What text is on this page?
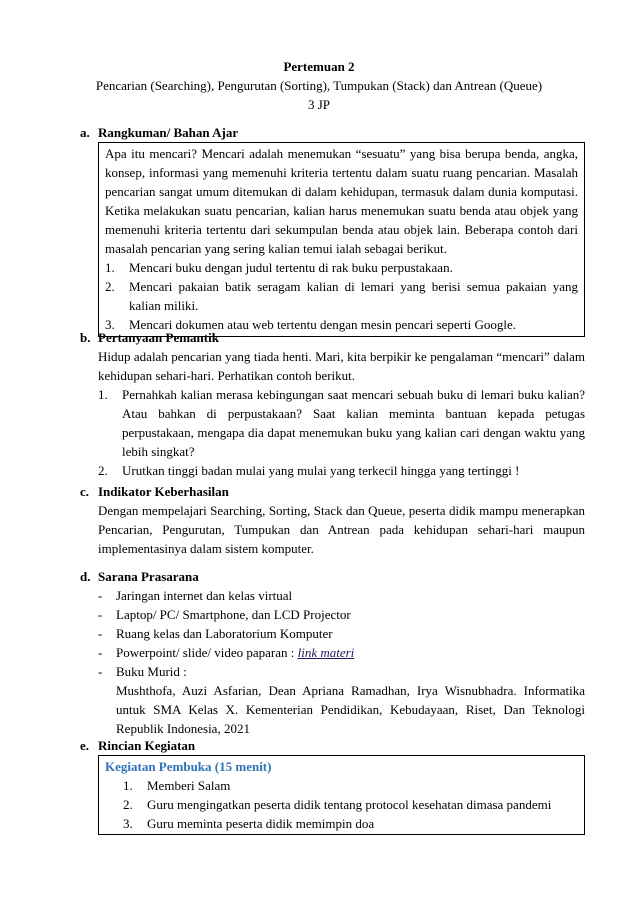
Pertemuan 2
Pencarian (Searching), Pengurutan (Sorting), Tumpukan (Stack) dan Antrean (Queue)
3 JP
a. Rangkuman/ Bahan Ajar
Apa itu mencari? Mencari adalah menemukan “sesuatu” yang bisa berupa benda, angka, konsep, informasi yang memenuhi kriteria tertentu dalam suatu ruang pencarian. Masalah pencarian sangat umum ditemukan di dalam kehidupan, termasuk dalam dunia komputasi. Ketika melakukan suatu pencarian, kalian harus menemukan suatu benda atau objek yang memenuhi kriteria tertentu dari sekumpulan benda atau objek lain. Beberapa contoh dari masalah pencarian yang sering kalian temui ialah sebagai berikut.
1.	Mencari buku dengan judul tertentu di rak buku perpustakaan.
2.	Mencari pakaian batik seragam kalian di lemari yang berisi semua pakaian yang kalian miliki.
3.	Mencari dokumen atau web tertentu dengan mesin pencari seperti Google.
b. Pertanyaan Pemantik
Hidup adalah pencarian yang tiada henti. Mari, kita berpikir ke pengalaman “mencari” dalam kehidupan sehari-hari. Perhatikan contoh berikut.
1.	Pernahkah kalian merasa kebingungan saat mencari sebuah buku di lemari buku kalian? Atau bahkan di perpustakaan? Saat kalian meminta bantuan kepada petugas perpustakaan, mengapa dia dapat menemukan buku yang kalian cari dengan waktu yang lebih singkat?
2.	Urutkan tinggi badan mulai yang mulai yang terkecil hingga yang tertinggi !
c. Indikator Keberhasilan
Dengan mempelajari Searching, Sorting, Stack dan Queue, peserta didik mampu menerapkan Pencarian, Pengurutan, Tumpukan dan Antrean pada kehidupan sehari-hari maupun implementasinya dalam sistem komputer.
d. Sarana Prasarana
-	Jaringan internet dan kelas virtual
-	Laptop/ PC/ Smartphone, dan LCD Projector
-	Ruang kelas dan Laboratorium Komputer
-	Powerpoint/ slide/ video paparan : link materi
-	Buku Murid :
Mushthofa, Auzi Asfarian, Dean Apriana Ramadhan, Irya Wisnubhadra. Informatika untuk SMA Kelas X. Kementerian Pendidikan, Kebudayaan, Riset, Dan Teknologi Republik Indonesia, 2021
e. Rincian Kegiatan
Kegiatan Pembuka (15 menit)
1.	Memberi Salam
2.	Guru mengingatkan peserta didik tentang protocol kesehatan dimasa pandemi
3.	Guru meminta peserta didik memimpin doa
